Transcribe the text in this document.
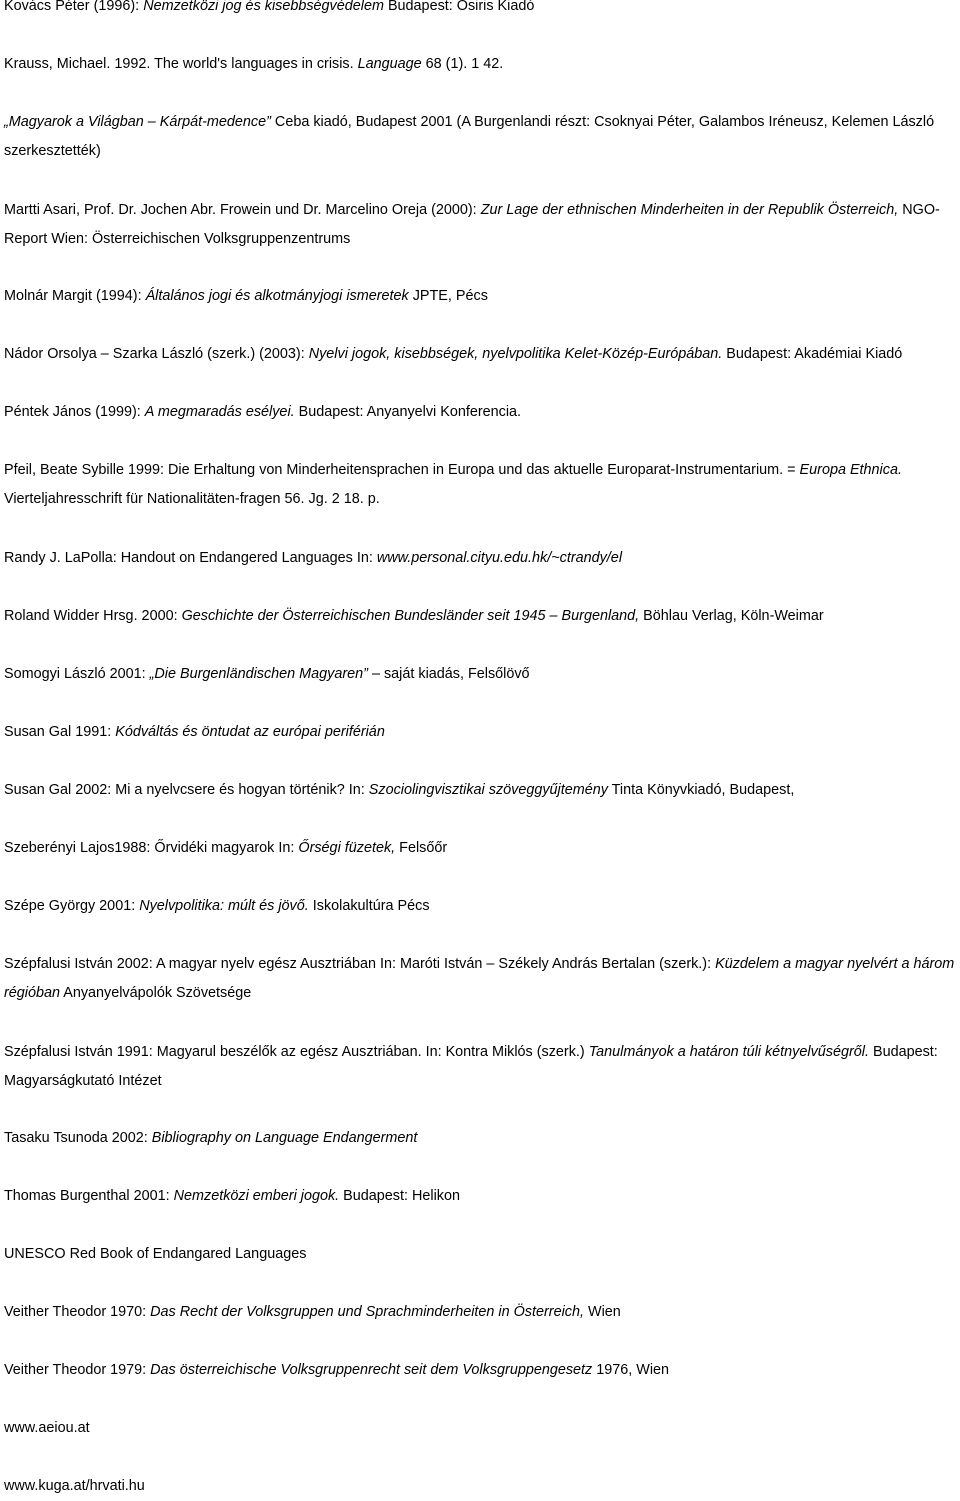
Kovács Péter (1996): Nemzetközi jog és kisebbségvédelem Budapest: Osiris Kiadó
Krauss, Michael. 1992. The world's languages in crisis. Language 68 (1). 1 42.
„Magyarok a Világban – Kárpát-medence” Ceba kiadó, Budapest 2001 (A Burgenlandi részt: Csoknyai Péter, Galambos Iréneusz, Kelemen László szerkesztették)
Martti Asari, Prof. Dr. Jochen Abr. Frowein und Dr. Marcelino Oreja (2000): Zur Lage der ethnischen Minderheiten in der Republik Österreich, NGO-Report Wien: Österreichischen Volksgruppenzentrums
Molnár Margit (1994): Általános jogi és alkotmányjogi ismeretek JPTE, Pécs
Nádor Orsolya – Szarka László (szerk.) (2003): Nyelvi jogok, kisebbségek, nyelvpolitika Kelet-Közép-Európában. Budapest: Akadémiai Kiadó
Péntek János (1999): A megmaradás esélyei. Budapest: Anyanyelvi Konferencia.
Pfeil, Beate Sybille 1999: Die Erhaltung von Minderheitensprachen in Europa und das aktuelle Europarat-Instrumentarium. = Europa Ethnica. Vierteljahresschrift für Nationalitäten-fragen 56. Jg. 2 18. p.
Randy J. LaPolla: Handout on Endangered Languages In: www.personal.cityu.edu.hk/~ctrandy/el
Roland Widder Hrsg. 2000: Geschichte der Österreichischen Bundesländer seit 1945 – Burgenland, Böhlau Verlag, Köln-Weimar
Somogyi László 2001: „Die Burgenländischen Magyaren” – saját kiadás, Felsőlövő
Susan Gal 1991: Kódváltás és öntudat az európai periférián
Susan Gal 2002: Mi a nyelvcsere és hogyan történik? In: Szociolingvisztikai szöveggyűjtemény Tinta Könyvkiadó, Budapest,
Szeberényi Lajos1988: Őrvidéki magyarok In: Őrségi füzetek, Felsőőr
Szépe György 2001: Nyelvpolitika: múlt és jövő. Iskolakultúra Pécs
Szépfalusi István 2002: A magyar nyelv egész Ausztriában In: Maróti István – Székely András Bertalan (szerk.): Küzdelem a magyar nyelvért a három régióban Anyanyelvápolók Szövetsége
Szépfalusi István 1991: Magyarul beszélők az egész Ausztriában. In: Kontra Miklós (szerk.) Tanulmányok a határon túli kétnyelvűségről. Budapest: Magyarságkutató Intézet
Tasaku Tsunoda 2002: Bibliography on Language Endangerment
Thomas Burgenthal 2001: Nemzetközi emberi jogok. Budapest: Helikon
UNESCO Red Book of Endangared Languages
Veither Theodor 1970: Das Recht der Volksgruppen und Sprachminderheiten in Österreich, Wien
Veither Theodor 1979: Das österreichische Volksgruppenrecht seit dem Volksgruppengesetz 1976, Wien
www.aeiou.at
www.kuga.at/hrvati.hu
